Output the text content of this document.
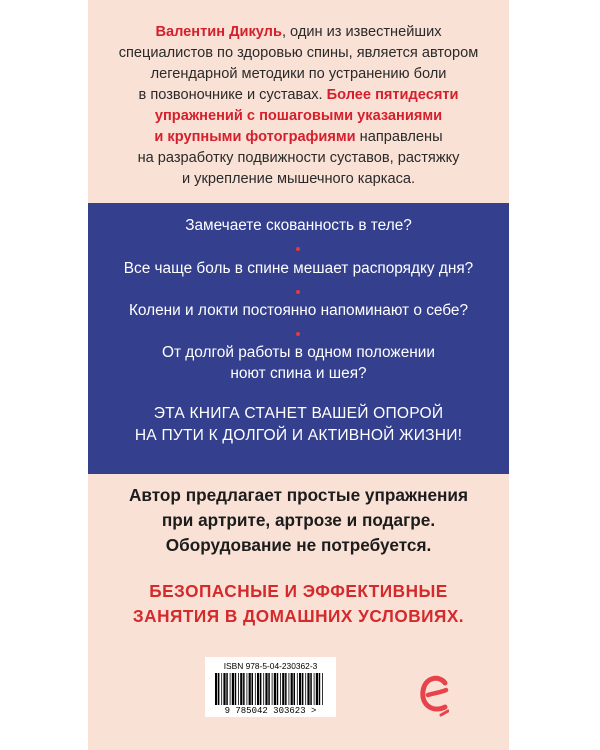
Валентин Дикуль, один из известнейших
специалистов по здоровью спины, является автором
легендарной методики по устранению боли
в позвоночнике и суставах. Более пятидесяти
упражнений с пошаговыми указаниями
и крупными фотографиями направлены
на разработку подвижности суставов, растяжку
и укрепление мышечного каркаса.
Замечаете скованность в теле?
Все чаще боль в спине мешает распорядку дня?
Колени и локти постоянно напоминают о себе?
От долгой работы в одном положении
ноют спина и шея?
ЭТА КНИГА СТАНЕТ ВАШЕЙ ОПОРОЙ
НА ПУТИ К ДОЛГОЙ И АКТИВНОЙ ЖИЗНИ!
Автор предлагает простые упражнения
при артрите, артрозе и подагре.
Оборудование не потребуется.
БЕЗОПАСНЫЕ И ЭФФЕКТИВНЫЕ
ЗАНЯТИЯ В ДОМАШНИХ УСЛОВИЯХ.
ISBN 978-5-04-230362-3
9 785042 303623 >
